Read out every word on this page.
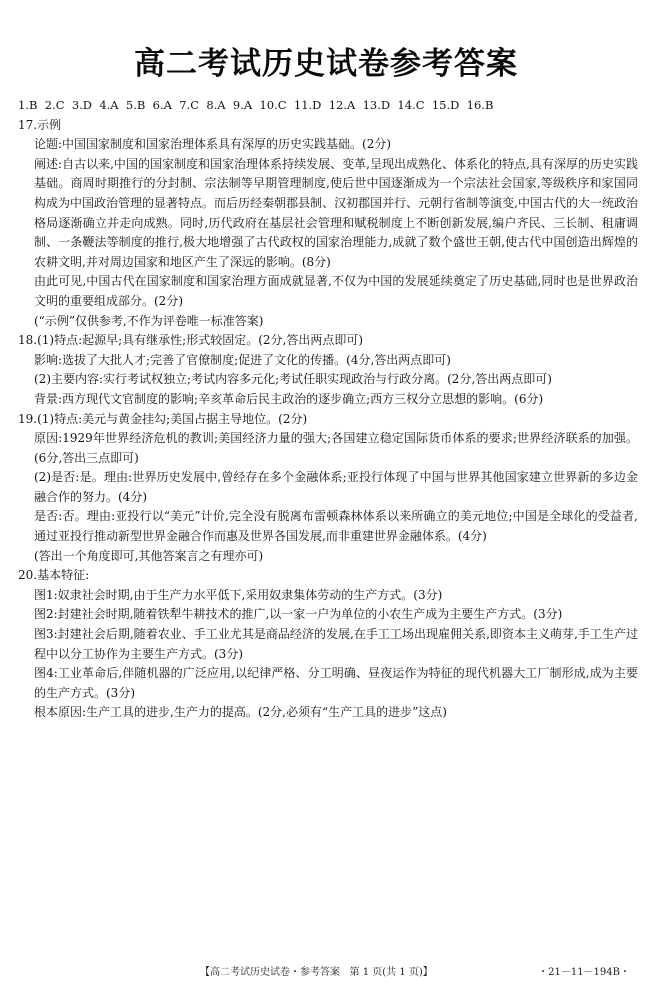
高二考试历史试卷参考答案

1.B  2.C  3.D  4.A  5.B  6.A  7.C  8.A  9.A  10.C  11.D  12.A  13.D  14.C  15.D  16.B

17.示例

论题:中国国家制度和国家治理体系具有深厚的历史实践基础。(2分)

阐述:自古以来,中国的国家制度和国家治理体系持续发展、变革,呈现出成熟化、体系化的特点,具有深厚的历史实践基础。商周时期推行的分封制、宗法制等早期管理制度,使后世中国逐渐成为一个宗法社会国家,等级秩序和家国同构成为中国政治管理的显著特点。而后历经秦朝郡县制、汉初郡国并行、元朝行省制等演变,中国古代的大一统政治格局逐渐确立并走向成熟。同时,历代政府在基层社会管理和赋税制度上不断创新发展,编户齐民、三长制、租庸调制、一条鞭法等制度的推行,极大地增强了古代政权的国家治理能力,成就了数个盛世王朝,使古代中国创造出辉煌的农耕文明,并对周边国家和地区产生了深远的影响。(8分)

由此可见,中国古代在国家制度和国家治理方面成就显著,不仅为中国的发展延续奠定了历史基础,同时也是世界政治文明的重要组成部分。(2分)

(“示例”仅供参考,不作为评卷唯一标准答案)

18.(1)特点:起源早;具有继承性;形式较固定。(2分,答出两点即可)

影响:选拔了大批人才;完善了官僚制度;促进了文化的传播。(4分,答出两点即可)

(2)主要内容:实行考试权独立;考试内容多元化;考试任职实现政治与行政分离。(2分,答出两点即可)

背景:西方现代文官制度的影响;辛亥革命后民主政治的逐步确立;西方三权分立思想的影响。(6分)

19.(1)特点:美元与黄金挂勾;美国占据主导地位。(2分)

原因:1929年世界经济危机的教训;美国经济力量的强大;各国建立稳定国际货币体系的要求;世界经济联系的加强。(6分,答出三点即可)

(2)是否:是。理由:世界历史发展中,曾经存在多个金融体系;亚投行体现了中国与世界其他国家建立世界新的多边金融合作的努力。(4分)

是否:否。理由:亚投行以“美元”计价,完全没有脱离布雷顿森林体系以来所确立的美元地位;中国是全球化的受益者,通过亚投行推动新型世界金融合作而惠及世界各国发展,而非重建世界金融体系。(4分)

(答出一个角度即可,其他答案言之有理亦可)

20.基本特征:

图1:奴隶社会时期,由于生产力水平低下,采用奴隶集体劳动的生产方式。(3分)

图2:封建社会时期,随着铁犁牛耕技术的推广,以一家一户为单位的小农生产成为主要生产方式。(3分)

图3:封建社会后期,随着农业、手工业尤其是商品经济的发展,在手工工场出现雇佣关系,即资本主义萌芽,手工生产过程中以分工协作为主要生产方式。(3分)

图4:工业革命后,伴随机器的广泛应用,以纪律严格、分工明确、昼夜运作为特征的现代机器大工厂制形成,成为主要的生产方式。(3分)

根本原因:生产工具的进步,生产力的提高。(2分,必须有“生产工具的进步”这点)

【高二考试历史试卷・参考答案   第 1 页(共 1 页)】	・21－11－194B・
